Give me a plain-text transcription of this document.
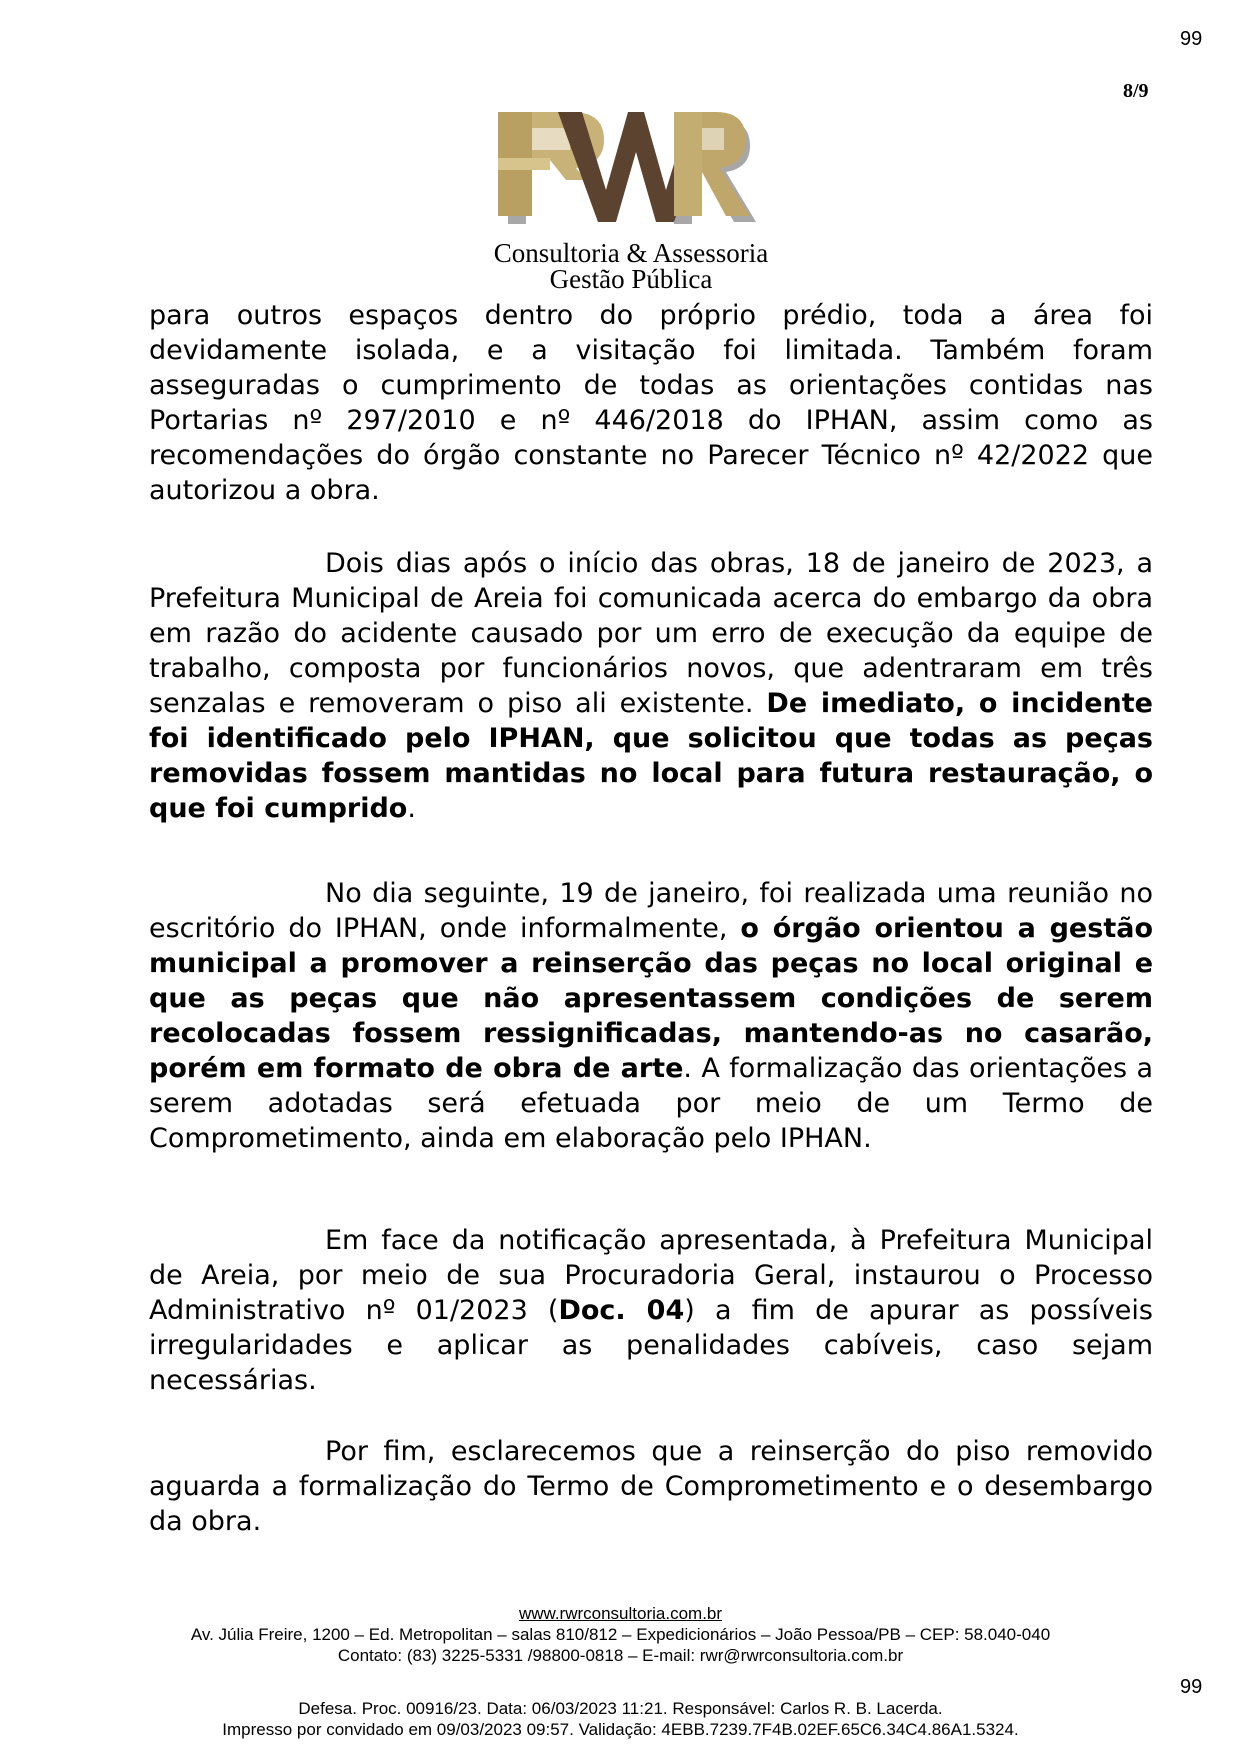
99
8/9
Consultoria & Assessoria
Gestão Pública

para outros espaços dentro do próprio prédio, toda a área foi devidamente isolada, e a visitação foi limitada. Também foram asseguradas o cumprimento de todas as orientações contidas nas Portarias nº 297/2010 e nº 446/2018 do IPHAN, assim como as recomendações do órgão constante no Parecer Técnico nº 42/2022 que autorizou a obra.

Dois dias após o início das obras, 18 de janeiro de 2023, a Prefeitura Municipal de Areia foi comunicada acerca do embargo da obra em razão do acidente causado por um erro de execução da equipe de trabalho, composta por funcionários novos, que adentraram em três senzalas e removeram o piso ali existente. De imediato, o incidente foi identificado pelo IPHAN, que solicitou que todas as peças removidas fossem mantidas no local para futura restauração, o que foi cumprido.

No dia seguinte, 19 de janeiro, foi realizada uma reunião no escritório do IPHAN, onde informalmente, o órgão orientou a gestão municipal a promover a reinserção das peças no local original e que as peças que não apresentassem condições de serem recolocadas fossem ressignificadas, mantendo-as no casarão, porém em formato de obra de arte. A formalização das orientações a serem adotadas será efetuada por meio de um Termo de Comprometimento, ainda em elaboração pelo IPHAN.

Em face da notificação apresentada, à Prefeitura Municipal de Areia, por meio de sua Procuradoria Geral, instaurou o Processo Administrativo nº 01/2023 (Doc. 04) a fim de apurar as possíveis irregularidades e aplicar as penalidades cabíveis, caso sejam necessárias.

Por fim, esclarecemos que a reinserção do piso removido aguarda a formalização do Termo de Comprometimento e o desembargo da obra.

www.rwrconsultoria.com.br
Av. Júlia Freire, 1200 – Ed. Metropolitan – salas 810/812 – Expedicionários – João Pessoa/PB – CEP: 58.040-040
Contato: (83) 3225-5331 /98800-0818 – E-mail: rwr@rwrconsultoria.com.br
99
Defesa. Proc. 00916/23. Data: 06/03/2023 11:21. Responsável: Carlos R. B. Lacerda.
Impresso por convidado em 09/03/2023 09:57. Validação: 4EBB.7239.7F4B.02EF.65C6.34C4.86A1.5324.
